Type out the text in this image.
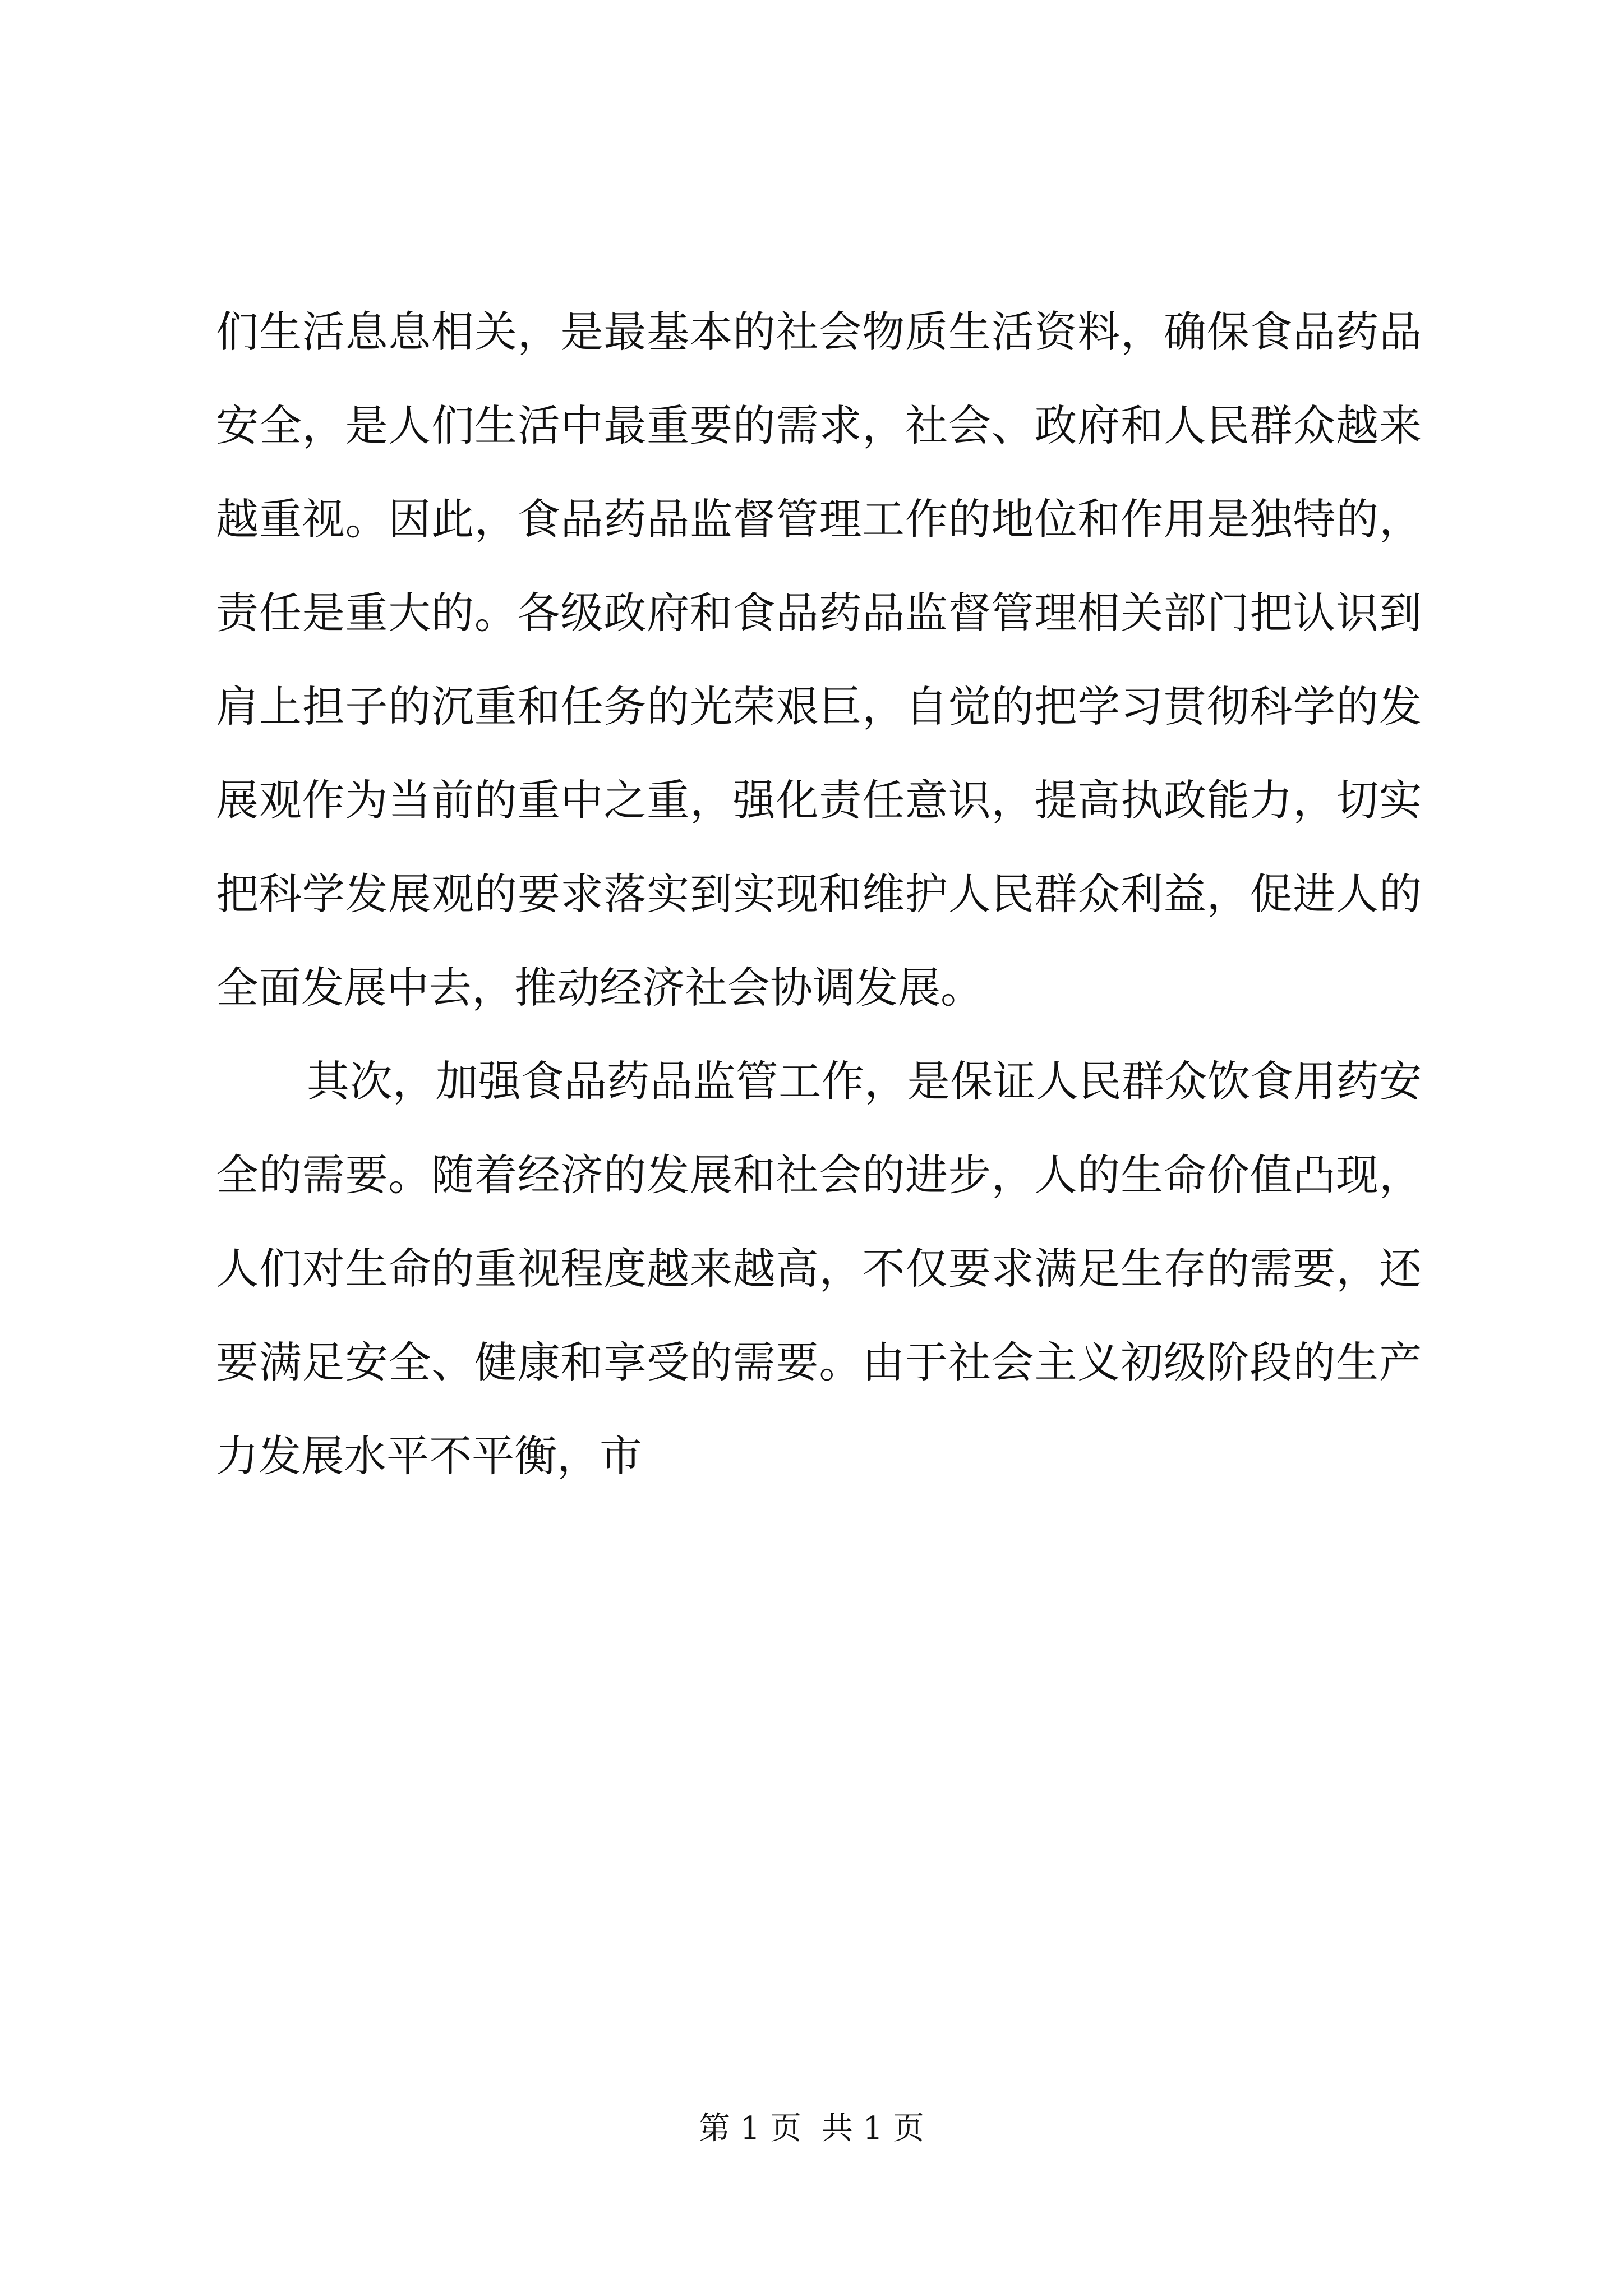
们生活息息相关，是最基本的社会物质生活资料，确保食品药品
安全，是人们生活中最重要的需求，社会、政府和人民群众越来
越重视。因此，食品药品监督管理工作的地位和作用是独特的，
责任是重大的。各级政府和食品药品监督管理相关部门把认识到
肩上担子的沉重和任务的光荣艰巨，自觉的把学习贯彻科学的发
展观作为当前的重中之重，强化责任意识，提高执政能力，切实
把科学发展观的要求落实到实现和维护人民群众利益，促进人的
全面发展中去，推动经济社会协调发展。
其次，加强食品药品监管工作，是保证人民群众饮食用药安
全的需要。随着经济的发展和社会的进步，人的生命价值凸现，
人们对生命的重视程度越来越高，不仅要求满足生存的需要，还
要满足安全、健康和享受的需要。由于社会主义初级阶段的生产
力发展水平不平衡，市
第 1 页  共 1 页
